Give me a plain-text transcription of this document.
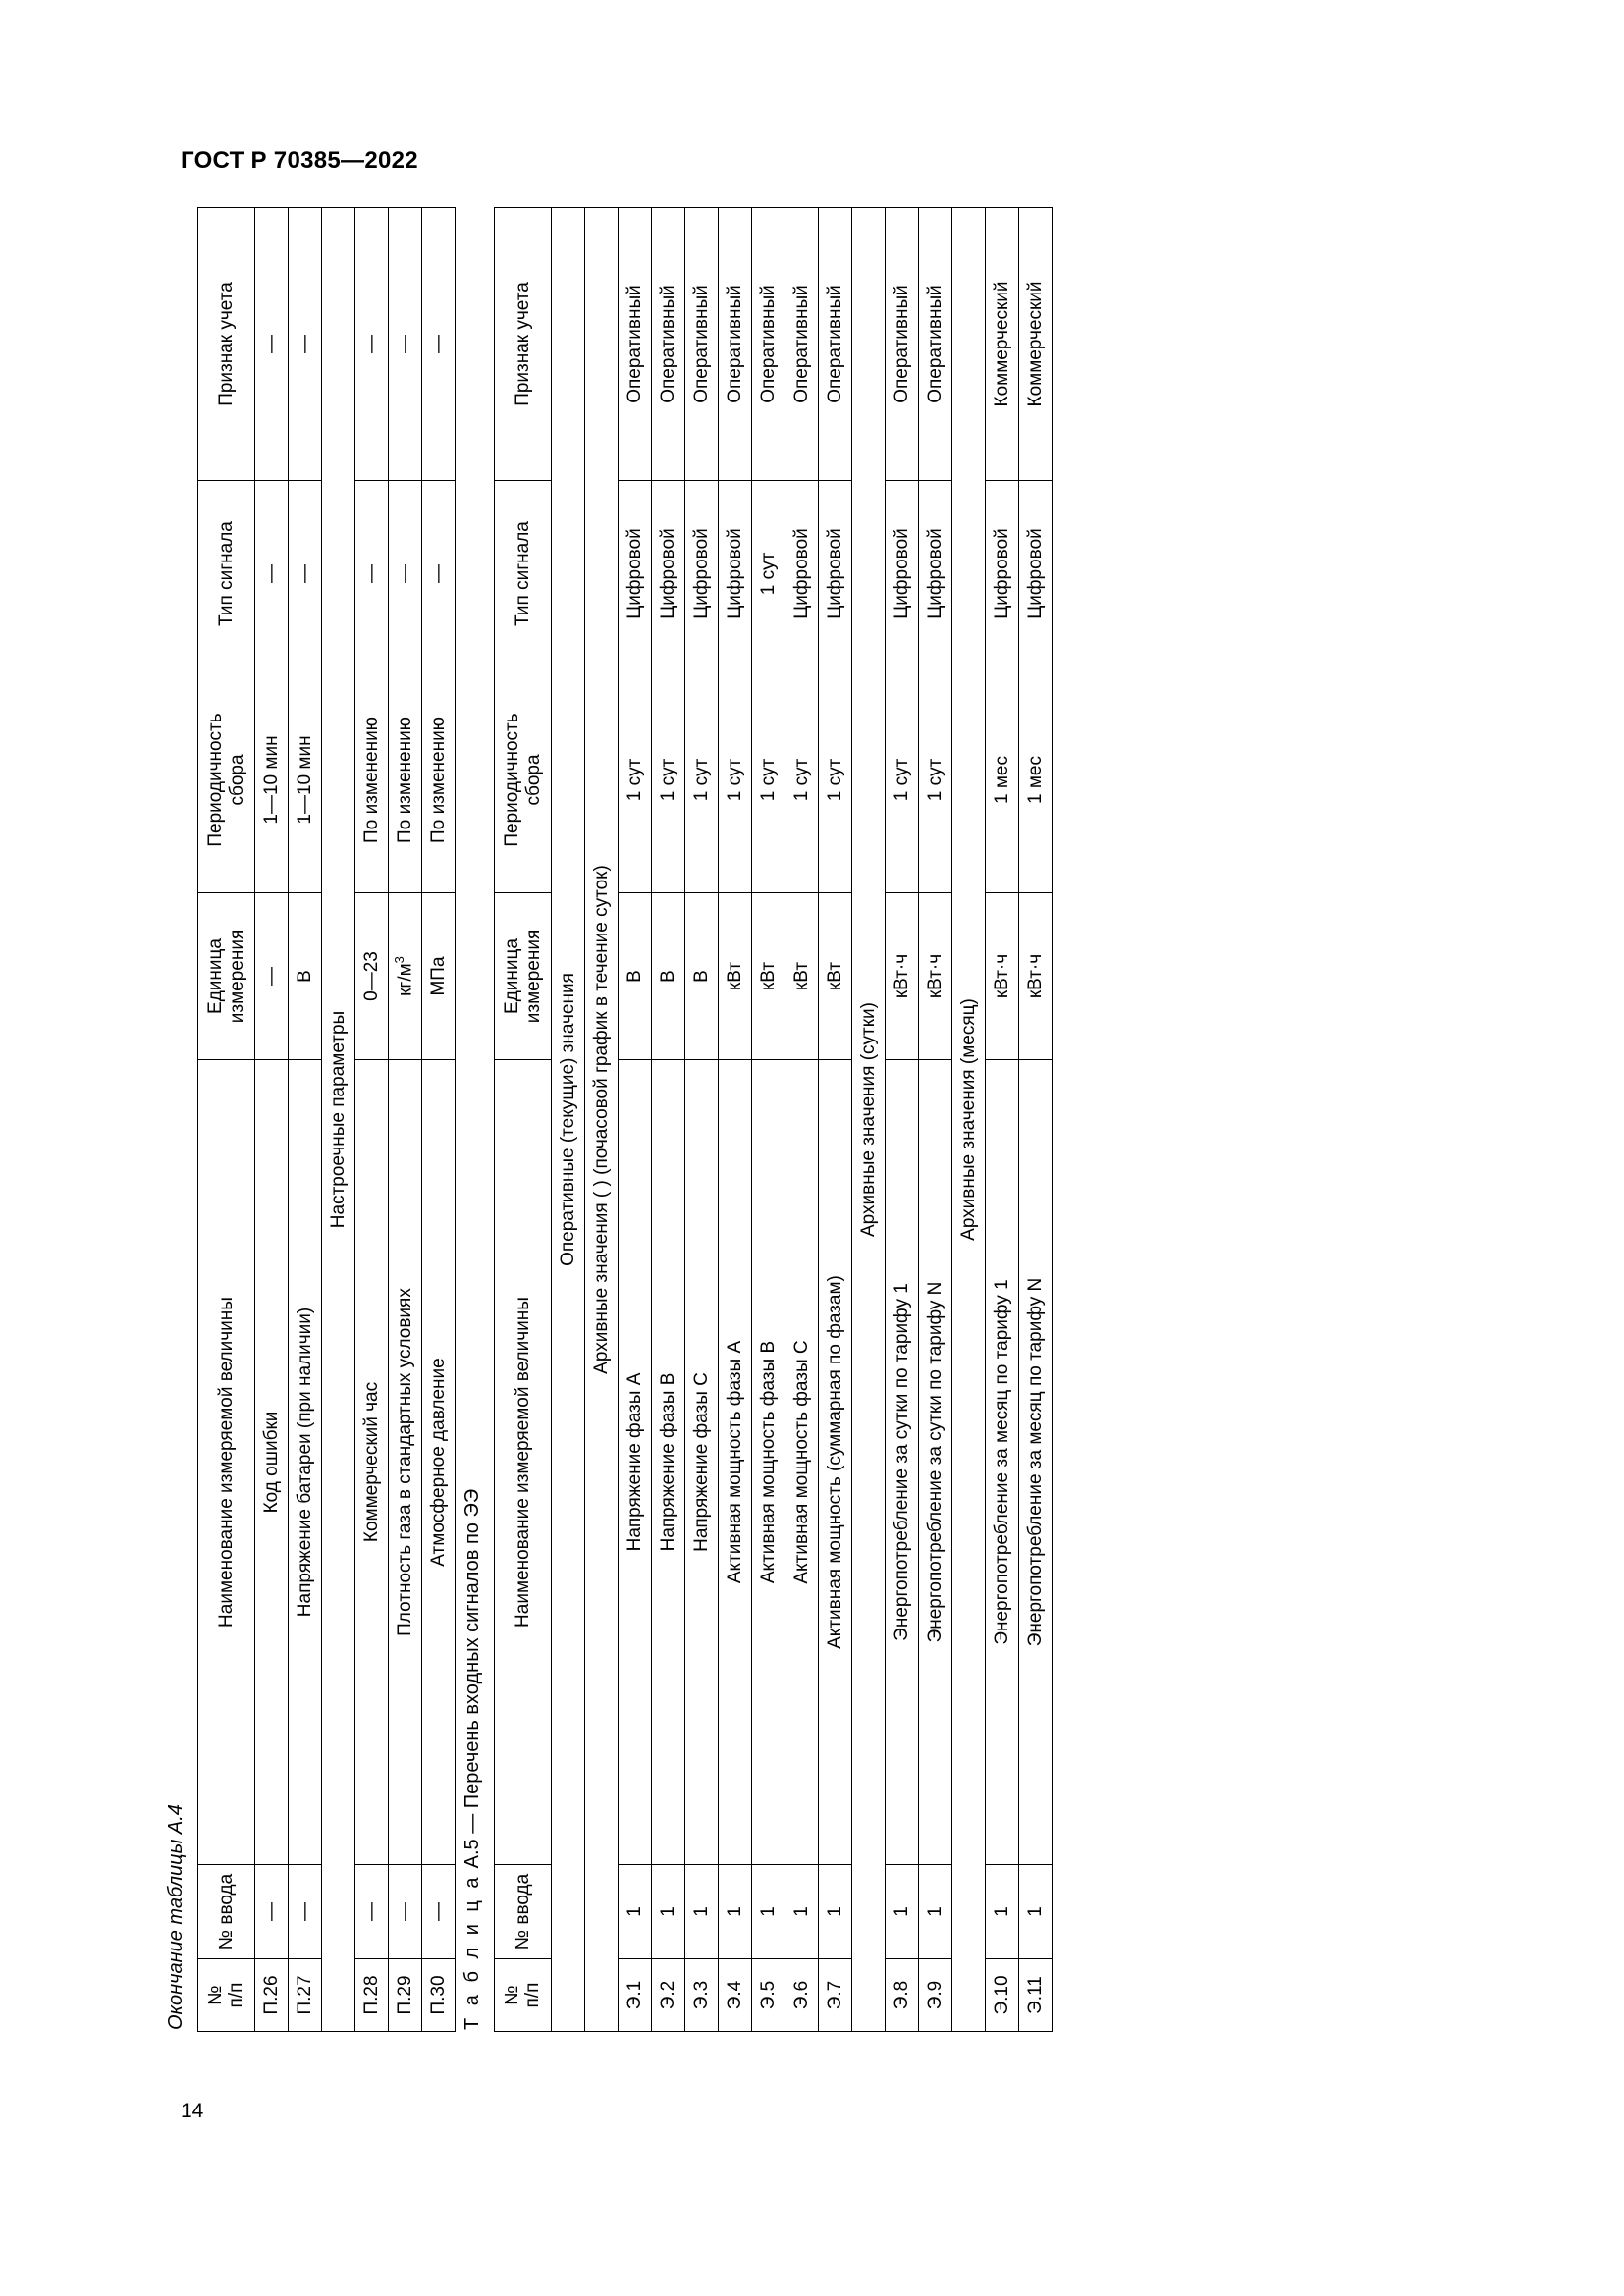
ГОСТ Р 70385—2022
14
Окончание таблицы А.4 №
п/п	№ ввода	Наименование измеряемой величины	Единица
измерения	Периодичность
сбора	Тип сигнала	Признак учета
П.26	—	Код ошибки	—	1—10 мин	—	—
П.27	—	Напряжение батареи (при наличии)	В	1—10 мин	—	—
Настроечные параметры						
П.28	—	Коммерческий час	0—23	По изменению	—	—
П.29	—	Плотность газа в стандартных условиях	$кг/м^3$	По изменению	—	—
П.30	—	Атмосферное давление	МПа	По изменению	—	—
Т а б л и ц а А.5 — Перечень входных сигналов по ЭЭ
№
п/п	№ ввода	Наименование измеряемой величины	Единица
измерения	Периодичность
сбора	Тип сигнала	Признак учета
Оперативные (текущие) значения						
Архивные значения ( ) (почасовой график в течение суток)						
Э.1	1	Напряжение фазы А	В	1 сут	Цифровой	Оперативный
Э.2	1	Напряжение фазы В	В	1 сут	Цифровой	Оперативный
Э.3	1	Напряжение фазы С	В	1 сут	Цифровой	Оперативный
Э.4	1	Активная мощность фазы А	кВт	1 сут	Цифровой	Оперативный
Э.5	1	Активная мощность фазы В	кВт	1 сут	1 сут	Оперативный
Э.6	1	Активная мощность фазы С	кВт	1 сут	Цифровой	Оперативный
Э.7	1	Активная мощность (суммарная по фазам)	кВт	1 сут	Цифровой	Оперативный
Архивные значения (сутки)						
Э.8	1	Энергопотребление за сутки по тарифу 1	кВт·ч	1 сут	Цифровой	Оперативный
Э.9	1	Энергопотребление за сутки по тарифу N	кВт·ч	1 сут	Цифровой	Оперативный
Архивные значения (месяц)						
Э.10	1	Энергопотребление за месяц по тарифу 1	кВт·ч	1 мес	Цифровой	Коммерческий
Э.11	1	Энергопотребление за месяц по тарифу N	кВт·ч	1 мес	Цифровой	Коммерческий
